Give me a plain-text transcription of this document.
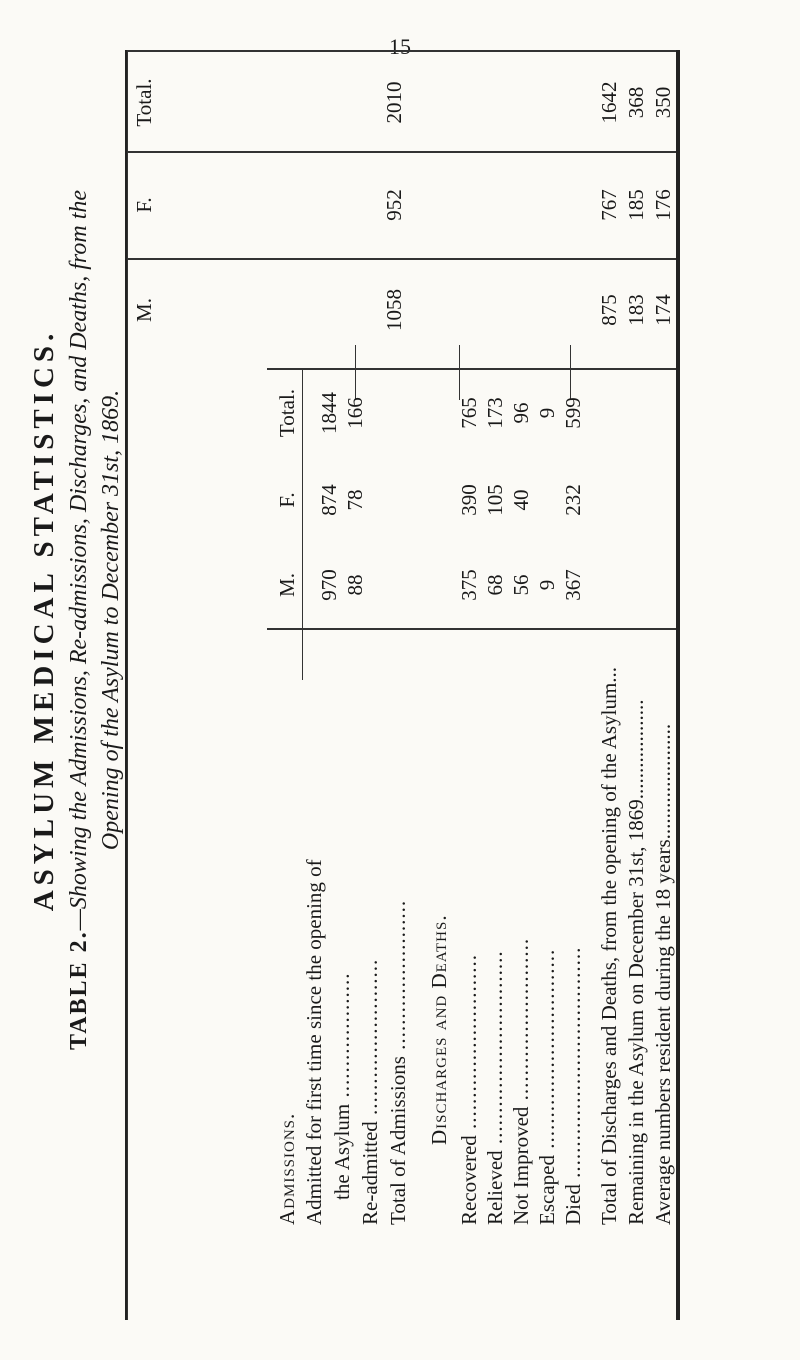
15
ASYLUM MEDICAL STATISTICS.
TABLE 2.—Showing the Admissions, Re-admissions, Discharges, and Deaths, from the Opening of the Asylum to December 31st, 1869.
Admissions. Admitted for first time since the opening of the Asylum ....................
Re-admitted .........................
Total of Admissions ........................ Discharges and Deaths.
Recovered ............................
Relieved ...............................
Not Improved ..........................
Escaped ................................
Died ..................................... Total of Discharges and Deaths, from the opening of the Asylum... Remaining in the Asylum on December 31st, 1869................... Average numbers resident during the 18 years......................
M.
F.
Total.
M.
F.
Total.
970
874
1844
88
78
166
1058
952
2010
375
390
765
68
105
173
56
40
96
9
9
367
232
599
875
767
1642
183
185
368
174
176
350
